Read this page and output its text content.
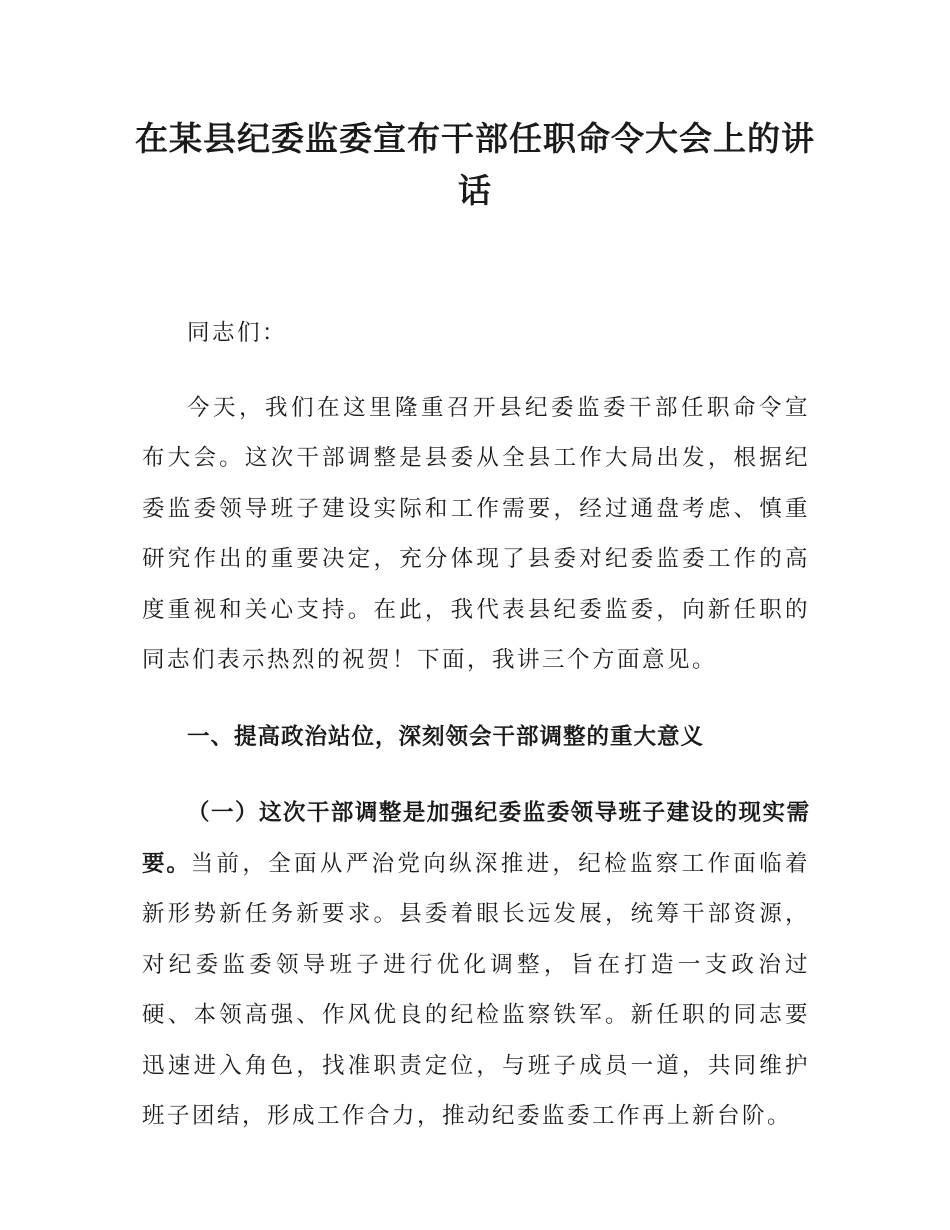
在某县纪委监委宣布干部任职命令大会上的讲话

同志们：

今天，我们在这里隆重召开县纪委监委干部任职命令宣布大会。这次干部调整是县委从全县工作大局出发，根据纪委监委领导班子建设实际和工作需要，经过通盘考虑、慎重研究作出的重要决定，充分体现了县委对纪委监委工作的高度重视和关心支持。在此，我代表县纪委监委，向新任职的同志们表示热烈的祝贺！下面，我讲三个方面意见。

一、提高政治站位，深刻领会干部调整的重大意义

（一）这次干部调整是加强纪委监委领导班子建设的现实需要。当前，全面从严治党向纵深推进，纪检监察工作面临着新形势新任务新要求。县委着眼长远发展，统筹干部资源，对纪委监委领导班子进行优化调整，旨在打造一支政治过硬、本领高强、作风优良的纪检监察铁军。新任职的同志要迅速进入角色，找准职责定位，与班子成员一道，共同维护班子团结，形成工作合力，推动纪委监委工作再上新台阶。
